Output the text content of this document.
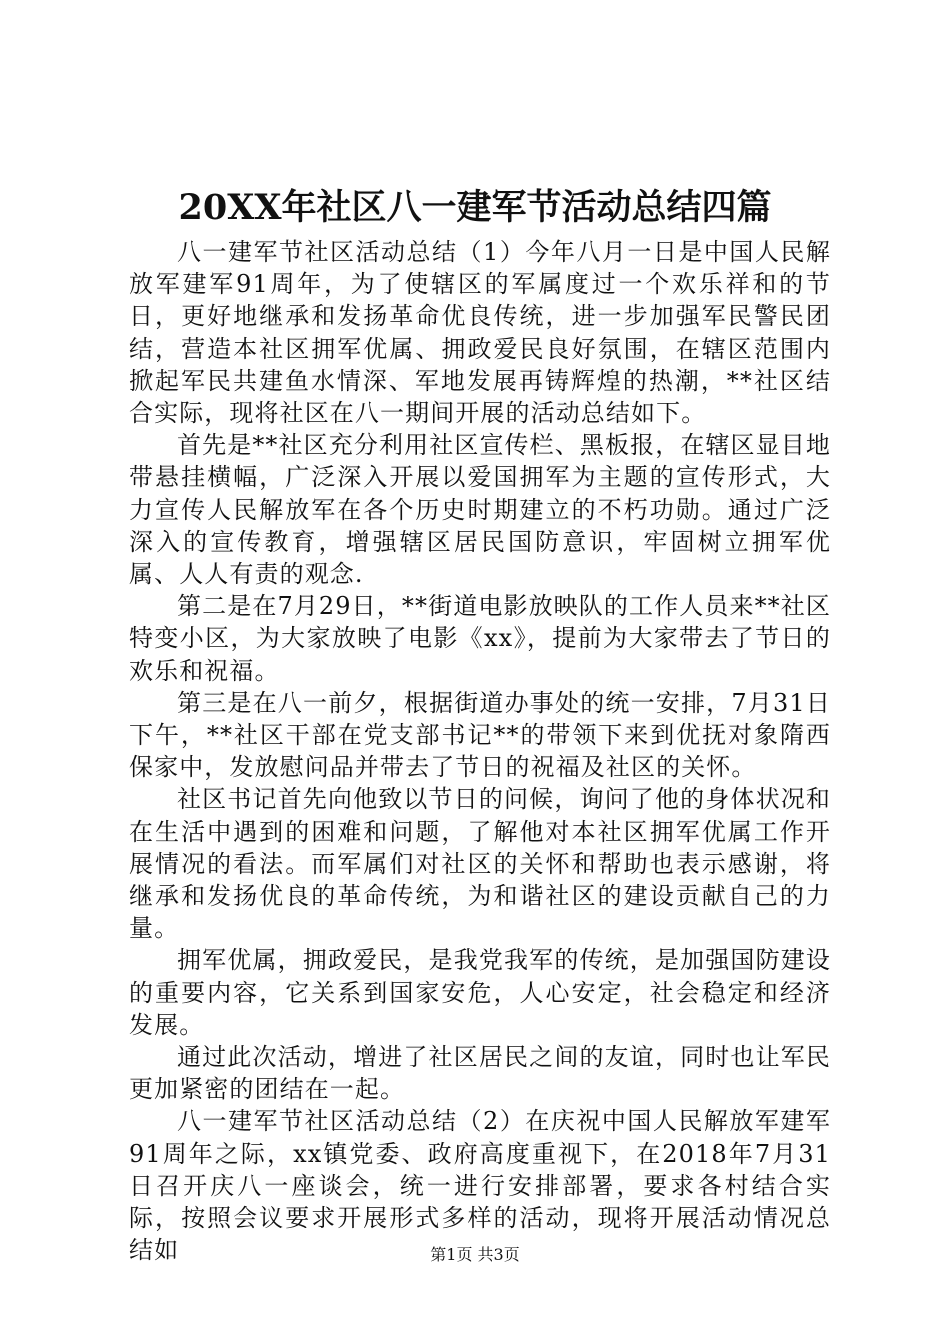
20XX年社区八一建军节活动总结四篇

八一建军节社区活动总结（1）今年八月一日是中国人民解放军建军91周年，为了使辖区的军属度过一个欢乐祥和的节日，更好地继承和发扬革命优良传统，进一步加强军民警民团结，营造本社区拥军优属、拥政爱民良好氛围，在辖区范围内掀起军民共建鱼水情深、军地发展再铸辉煌的热潮，**社区结合实际，现将社区在八一期间开展的活动总结如下。

首先是**社区充分利用社区宣传栏、黑板报，在辖区显目地带悬挂横幅，广泛深入开展以爱国拥军为主题的宣传形式，大力宣传人民解放军在各个历史时期建立的不朽功勋。通过广泛深入的宣传教育，增强辖区居民国防意识，牢固树立拥军优属、人人有责的观念.

第二是在7月29日，**街道电影放映队的工作人员来**社区特变小区，为大家放映了电影《xx》，提前为大家带去了节日的欢乐和祝福。

第三是在八一前夕，根据街道办事处的统一安排，7月31日下午，**社区干部在党支部书记**的带领下来到优抚对象隋西保家中，发放慰问品并带去了节日的祝福及社区的关怀。

社区书记首先向他致以节日的问候，询问了他的身体状况和在生活中遇到的困难和问题，了解他对本社区拥军优属工作开展情况的看法。而军属们对社区的关怀和帮助也表示感谢，将继承和发扬优良的革命传统，为和谐社区的建设贡献自己的力量。

拥军优属，拥政爱民，是我党我军的传统，是加强国防建设的重要内容，它关系到国家安危，人心安定，社会稳定和经济发展。

通过此次活动，增进了社区居民之间的友谊，同时也让军民更加紧密的团结在一起。

八一建军节社区活动总结（2）在庆祝中国人民解放军建军91周年之际，xx镇党委、政府高度重视下，在2018年7月31日召开庆八一座谈会，统一进行安排部署，要求各村结合实际，按照会议要求开展形式多样的活动，现将开展活动情况总结如	第1页 共3页
